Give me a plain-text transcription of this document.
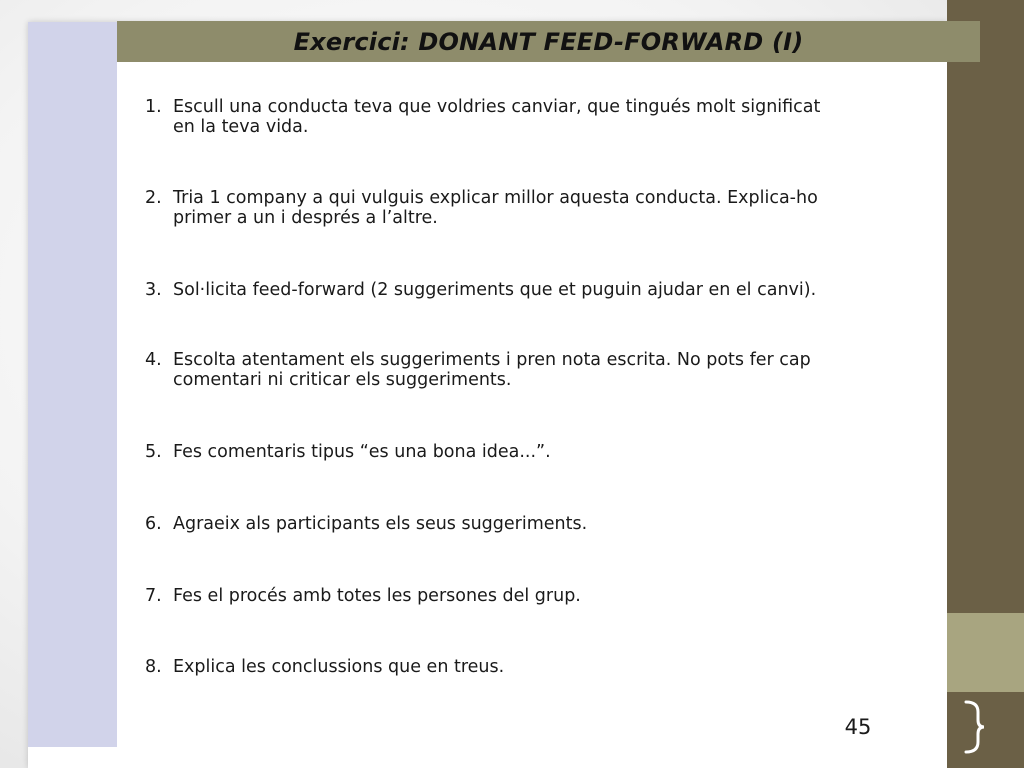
Exercici: DONANT FEED-FORWARD (I)
1. Escull una conducta teva que voldries canviar, que tingués molt significat
en la teva vida.
2. Tria 1 company a qui vulguis explicar millor aquesta conducta. Explica-ho
primer a un i després a l’altre.
3. Sol·licita feed-forward (2 suggeriments que et puguin ajudar en el canvi).
4. Escolta atentament els suggeriments i pren nota escrita. No pots fer cap
comentari ni criticar els suggeriments.
5. Fes comentaris tipus “es una bona idea...”.
6. Agraeix als participants els seus suggeriments.
7. Fes el procés amb totes les persones del grup.
8. Explica les conclussions que en treus.
45
